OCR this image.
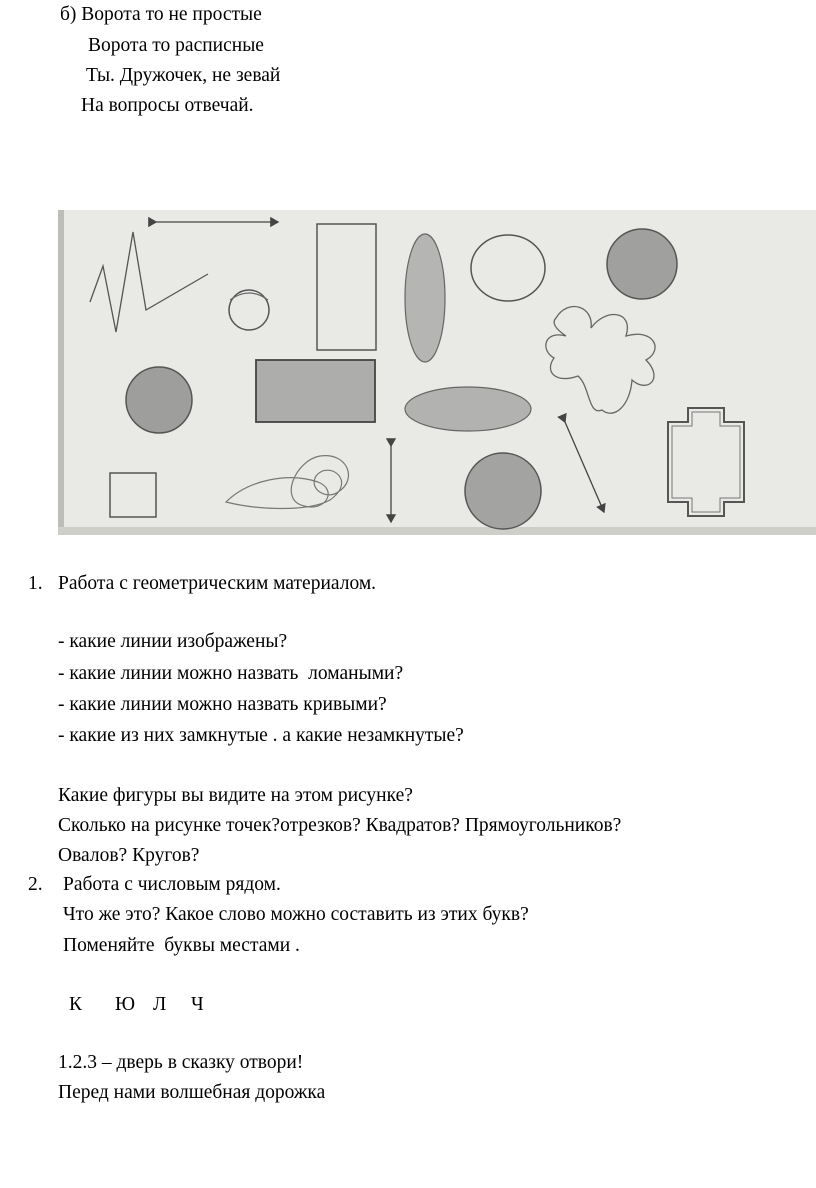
б) Ворота то не простые
Ворота то расписные
Ты. Дружочек, не зевай
На вопросы отвечай.
1. Работа с геометрическим материалом.
- какие линии изображены?
- какие линии можно назвать  ломаными?
- какие линии можно назвать кривыми?
- какие из них замкнутые . а какие незамкнутые?
Какие фигуры вы видите на этом рисунке?
Сколько на рисунке точек?отрезков? Квадратов? Прямоугольников?
Овалов? Кругов?
2. Работа с числовым рядом.
Что же это? Какое слово можно составить из этих букв?
Поменяйте  буквы местами .
К Ю Л Ч
1.2.3 – дверь в сказку отвори!
Перед нами волшебная дорожка
